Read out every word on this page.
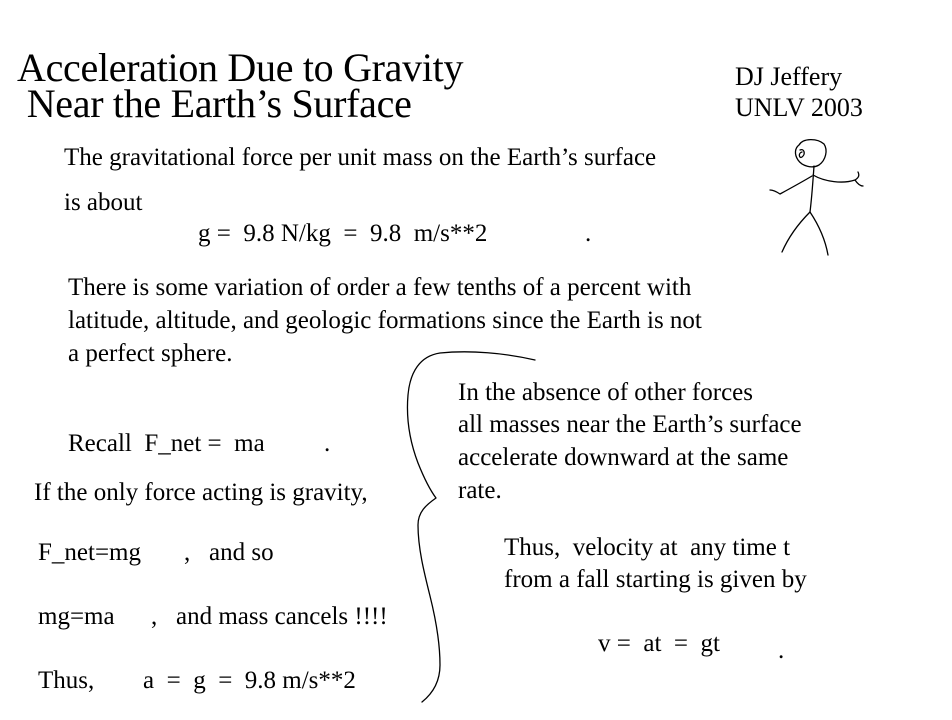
Acceleration Due to Gravity
Near the Earth’s Surface
DJ Jeffery
UNLV 2003
The gravitational force per unit mass on the Earth’s surface
is about
g =  9.8 N/kg  =  9.8  m/s**2	.
There is some variation of order a few tenths of a percent with
latitude, altitude, and geologic formations since the Earth is not
a perfect sphere.
In the absence of other forces
all masses near the Earth’s surface
accelerate downward at the same
rate.
Recall  F_net =  ma .
If the only force acting is gravity,
F_net=mg ,   and so
mg=ma ,   and mass cancels !!!!
Thus, a  =  g  =  9.8 m/s**2
Thus,  velocity at  any time t
from a fall starting is given by
v =  at  =  gt .
